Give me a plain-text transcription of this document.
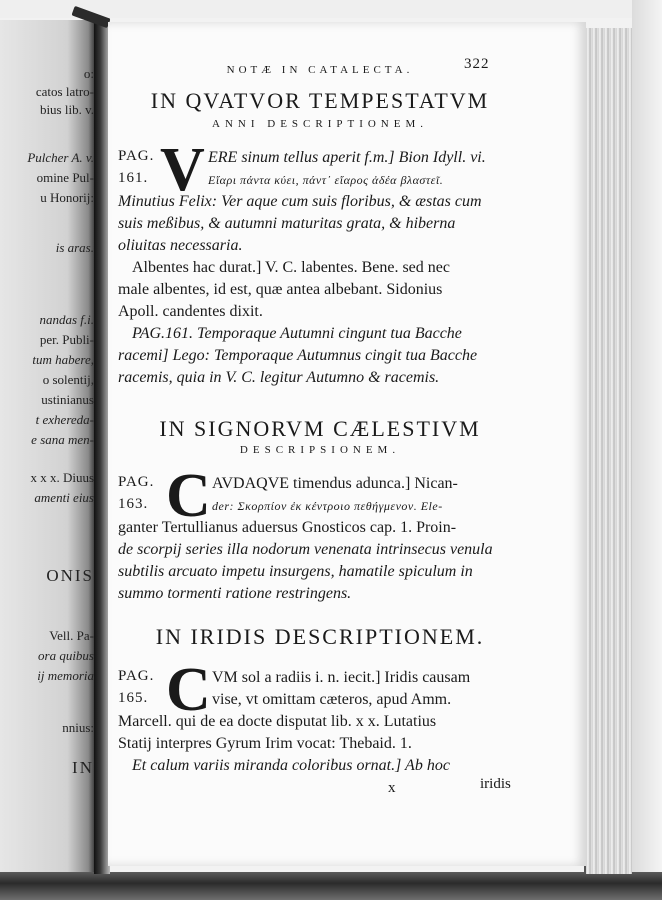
o:
catos latro-
bius lib. v.
Pulcher A. v.
omine Pul-
u Honorij:
is aras.
nandas f.i.
per. Publi-
tum habere,
o solentij,
ustinianus
t exhereda-
e sana men-
x x x. Diuus
amenti eius
ONIS
Vell. Pa-
ora quibus
ij memoria
nnius:
IN
NOTÆ IN CATALECTA.	322
IN QVATVOR TEMPESTATVM
ANNI DESCRIPTIONEM.
PAG.
161. V ERE sinum tellus aperit f.m.] Bion Idyll. vi.
Εἴαρι πάντα κύει, πάντ᾽ εἴαρος ἁδέα βλαστεῖ.
Minutius Felix: Ver aque cum suis floribus, & æstas cum
suis meßibus, & autumni maturitas grata, & hiberna
oliuitas necessaria.
Albentes hac durat.] V. C. labentes. Bene. sed nec
male albentes, id est, quæ antea albebant. Sidonius
Apoll. candentes dixit.
PAG.161. Temporaque Autumni cingunt tua Bacche
racemi] Lego: Temporaque Autumnus cingit tua Bacche
racemis, quia in V. C. legitur Autumno & racemis.
IN SIGNORVM CÆLESTIVM
DESCRIPSIONEM.
PAG.
163. C AVDAQVE timendus adunca.] Nican-
der: Σκορπίον ἐκ κέντροιο πεθήγμενον. Ele-
ganter Tertullianus aduersus Gnosticos cap. 1. Proin-
de scorpij series illa nodorum venenata intrinsecus venula
subtilis arcuato impetu insurgens, hamatile spiculum in
summo tormenti ratione restringens.
IN IRIDIS DESCRIPTIONEM.
PAG.
165. C VM sol a radiis i. n. iecit.] Iridis causam
vise, vt omittam cæteros, apud Amm.
Marcell. qui de ea docte disputat lib. x x. Lutatius
Statij interpres Gyrum Irim vocat: Thebaid. 1.
Et calum variis miranda coloribus ornat.] Ab hoc
iridis
x
